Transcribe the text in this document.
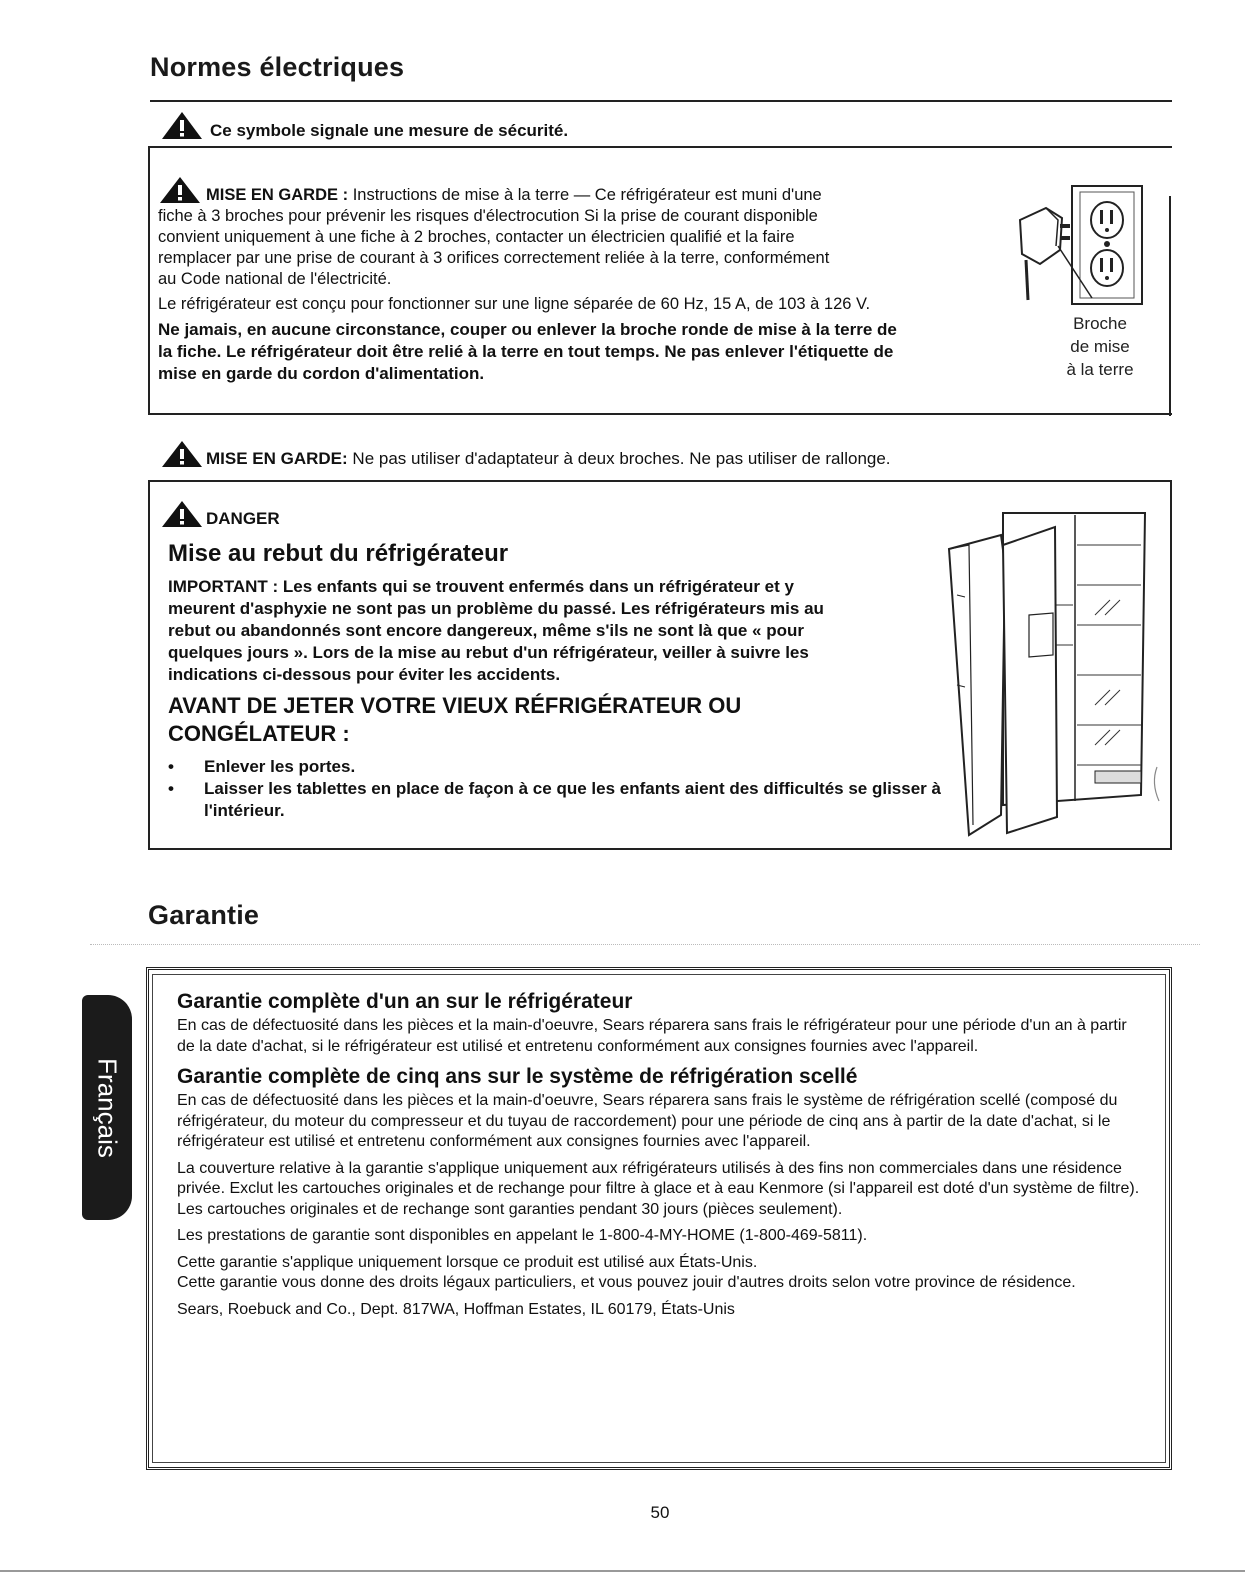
Normes électriques
Ce symbole signale une mesure de sécurité.
MISE EN GARDE : Instructions de mise à la terre — Ce réfrigérateur est muni d'une
fiche à 3 broches pour prévenir les risques d'électrocution Si la prise de courant disponible
convient uniquement à une fiche à 2 broches, contacter un électricien qualifié et la faire
remplacer par une prise de courant à 3 orifices correctement reliée à la terre, conformément
au Code national de l'électricité.
Le réfrigérateur est conçu pour fonctionner sur une ligne séparée de 60 Hz, 15 A, de 103 à 126 V.
Ne jamais, en aucune circonstance, couper ou enlever la broche ronde de mise à la terre de
la fiche. Le réfrigérateur doit être relié à la terre en tout temps. Ne pas enlever l'étiquette de
mise en garde du cordon d'alimentation.
Broche
de mise
à la terre
MISE EN GARDE: Ne pas utiliser d'adaptateur à deux broches. Ne pas utiliser de rallonge.
DANGER
Mise au rebut du réfrigérateur
IMPORTANT : Les enfants qui se trouvent enfermés dans un réfrigérateur et y
meurent d'asphyxie ne sont pas un problème du passé. Les réfrigérateurs mis au
rebut ou abandonnés sont encore dangereux, même s'ils ne sont là que « pour
quelques jours ». Lors de la mise au rebut d'un réfrigérateur, veiller à suivre les
indications ci-dessous pour éviter les accidents.
AVANT DE JETER VOTRE VIEUX RÉFRIGÉRATEUR OU
CONGÉLATEUR :
• Enlever les portes.
• Laisser les tablettes en place de façon à ce que les enfants aient des difficultés se glisser à l'intérieur.
Garantie
Français
Garantie complète d'un an sur le réfrigérateur

En cas de défectuosité dans les pièces et la main-d'oeuvre, Sears réparera sans frais le réfrigérateur pour une période d'un an à partir de la date d'achat, si le réfrigérateur est utilisé et entretenu conformément aux consignes fournies avec l'appareil.

Garantie complète de cinq ans sur le système de réfrigération scellé

En cas de défectuosité dans les pièces et la main-d'oeuvre, Sears réparera sans frais le système de réfrigération scellé (composé du réfrigérateur, du moteur du compresseur et du tuyau de raccordement) pour une période de cinq ans à partir de la date d'achat, si le réfrigérateur est utilisé et entretenu conformément aux consignes fournies avec l'appareil.

La couverture relative à la garantie s'applique uniquement aux réfrigérateurs utilisés à des fins non commerciales dans une résidence privée. Exclut les cartouches originales et de rechange pour filtre à glace et à eau Kenmore (si l'appareil est doté d'un système de filtre). Les cartouches originales et de rechange sont garanties pendant 30 jours (pièces seulement).

Les prestations de garantie sont disponibles en appelant le 1-800-4-MY-HOME (1-800-469-5811).

Cette garantie s'applique uniquement lorsque ce produit est utilisé aux États-Unis.

Cette garantie vous donne des droits légaux particuliers, et vous pouvez jouir d'autres droits selon votre province de résidence.

Sears, Roebuck and Co., Dept. 817WA, Hoffman Estates, IL 60179, États-Unis

50
